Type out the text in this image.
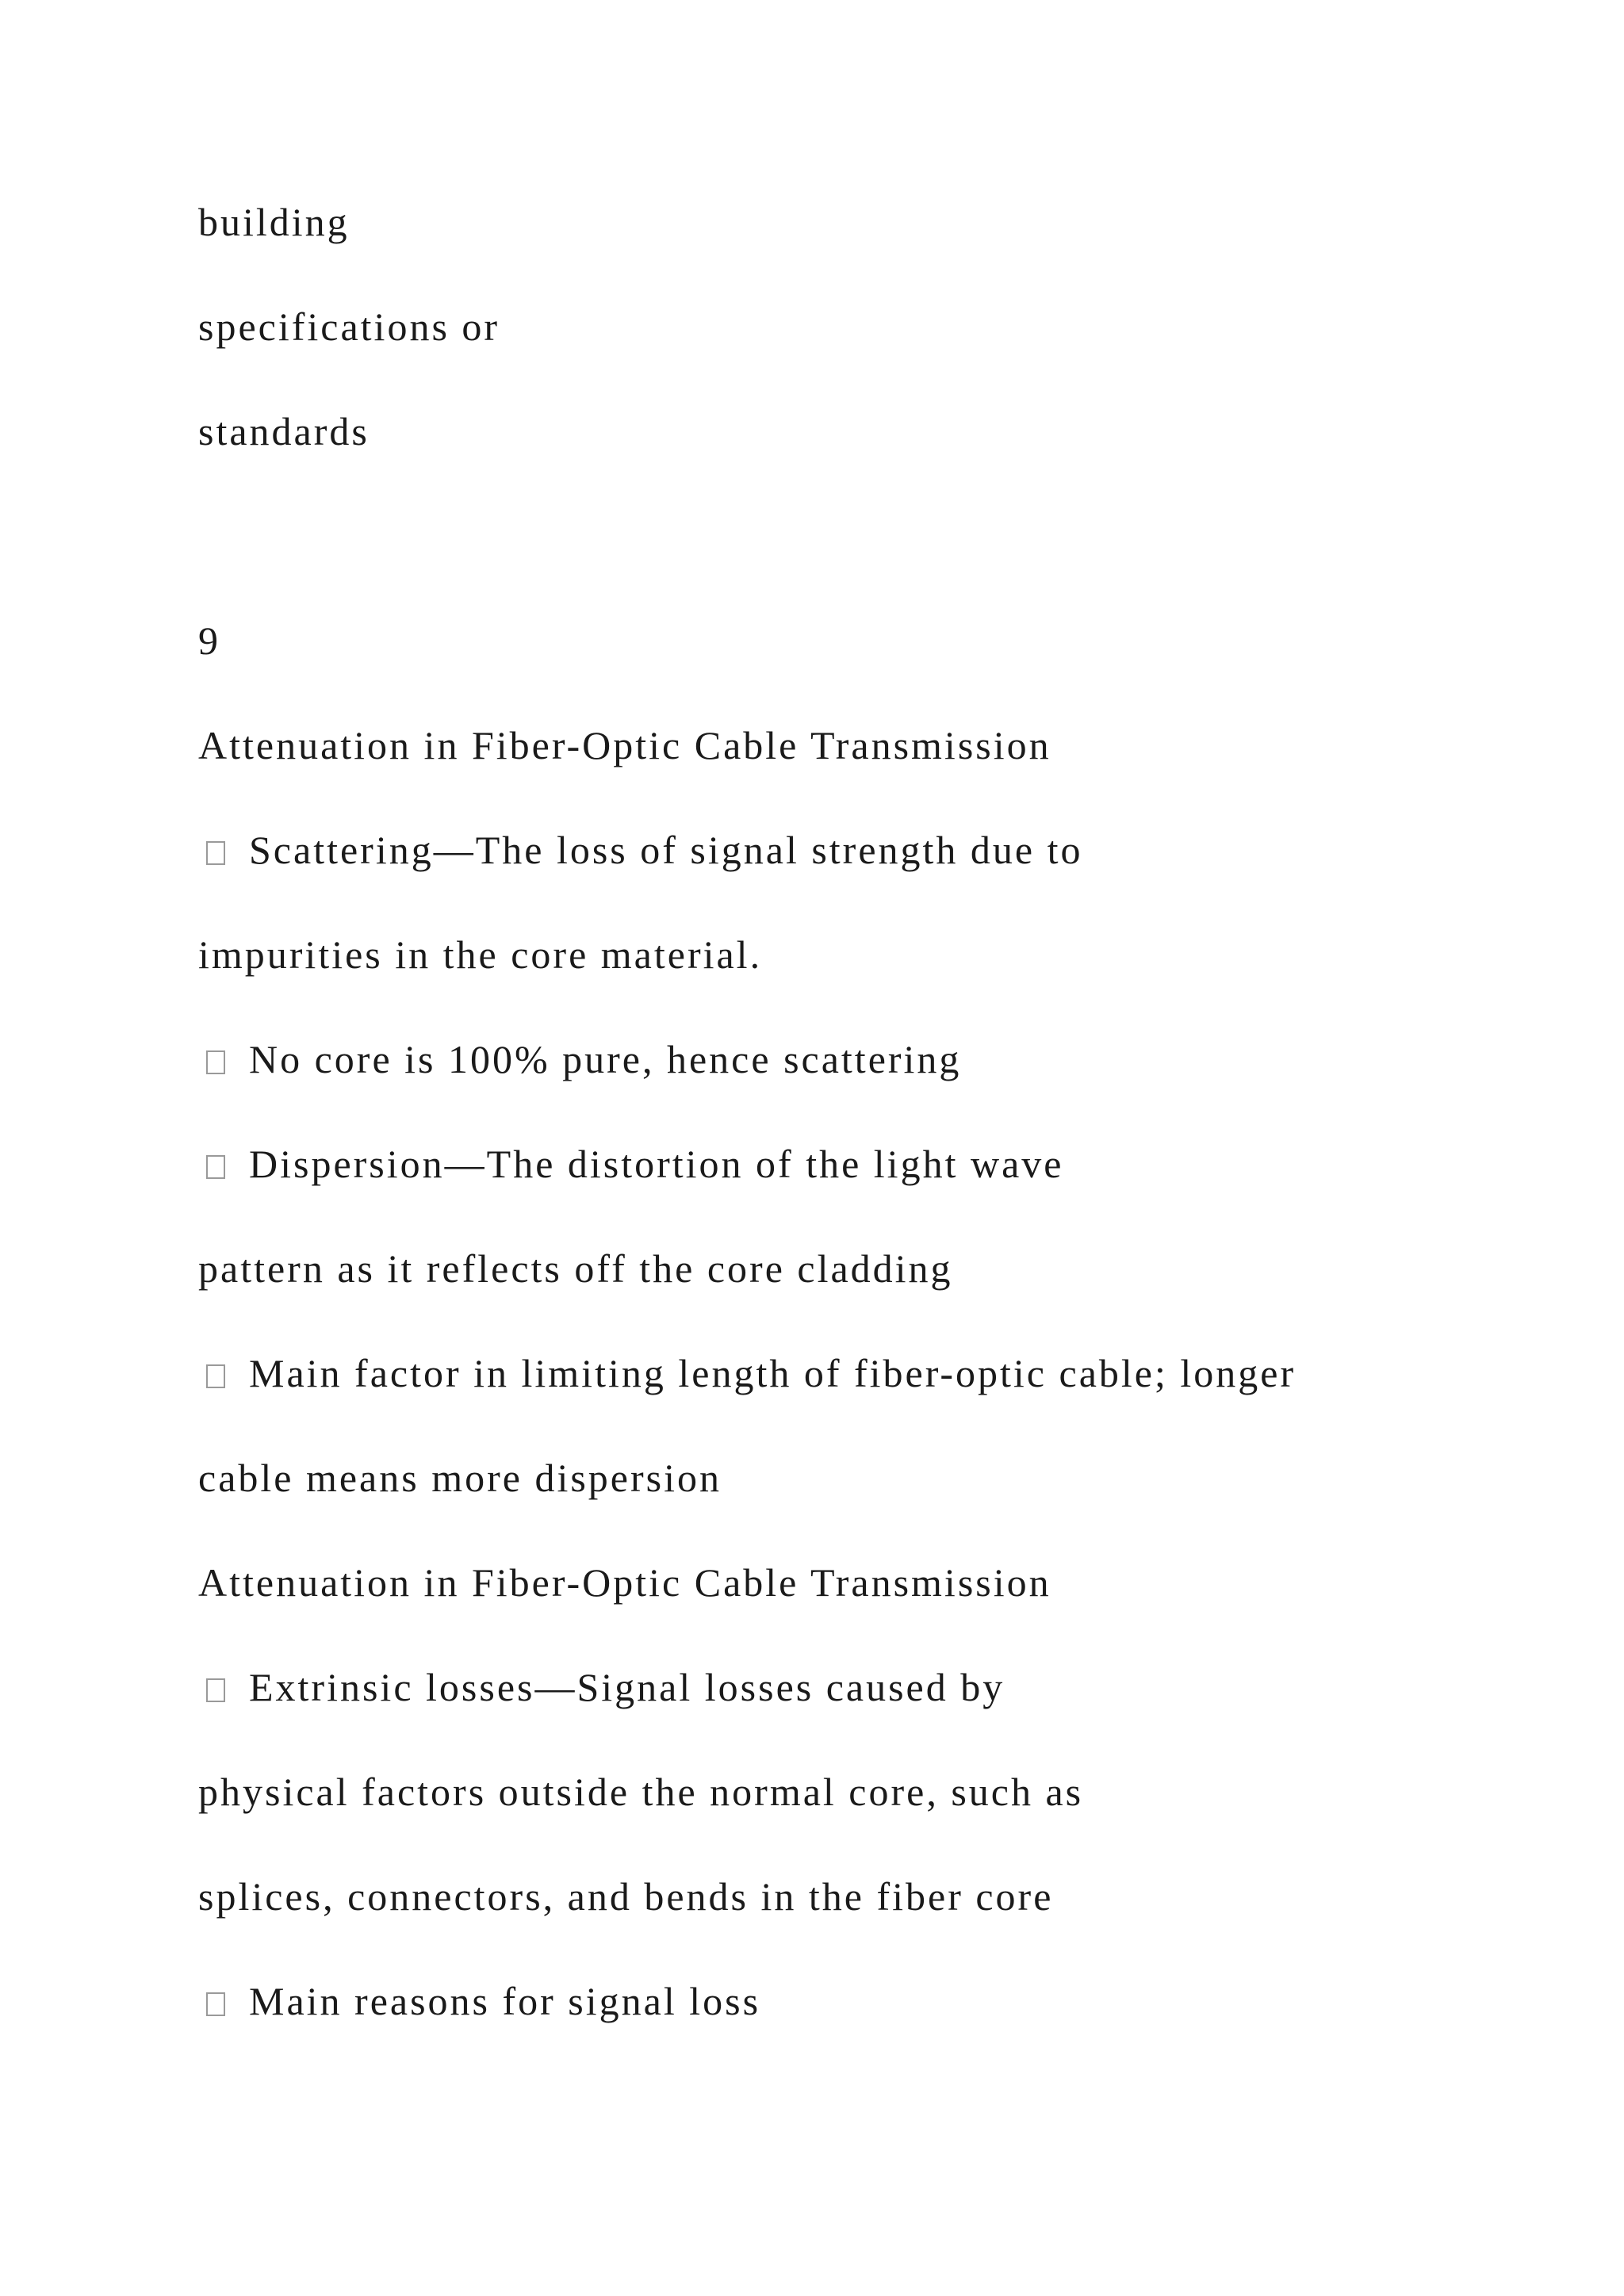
building
specifications or
standards
9
Attenuation in Fiber-Optic Cable Transmission
Scattering—The loss of signal strength due to
impurities in the core material.
No core is 100% pure, hence scattering
Dispersion—The distortion of the light wave
pattern as it reflects off the core cladding
Main factor in limiting length of fiber-optic cable; longer
cable means more dispersion
Attenuation in Fiber-Optic Cable Transmission
Extrinsic losses—Signal losses caused by
physical factors outside the normal core, such as
splices, connectors, and bends in the fiber core
Main reasons for signal loss
